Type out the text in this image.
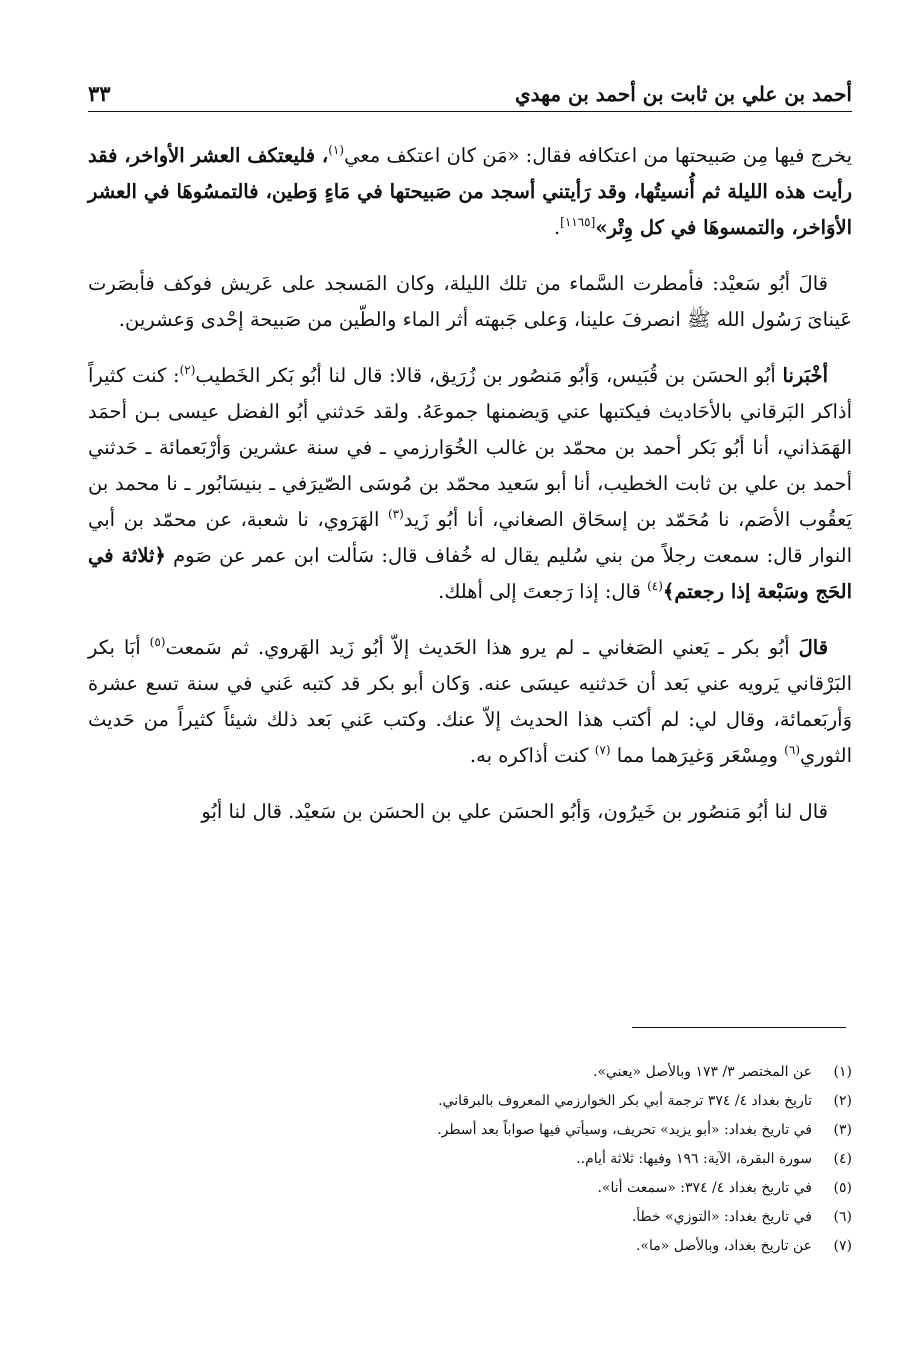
أحمد بن علي بن ثابت بن أحمد بن مهدي
٣٣

يخرج فيها مِن صَبيحتها من اعتكافه فقال: «مَن كان اعتكف معي$^{(١)}$، فليعتكف العشر الأواخر، فقد رأيت هذه الليلة ثم أُنسيتُها، وقد رَأيتني أسجد من صَبيحتها في مَاءٍ وَطين، فالتمسُوهَا في العشر الأوَاخر، والتمسوهَا في كل وِتْر»[١١٦٥].

قالَ أبُو سَعيْد: فأمطرت السَّماء من تلك الليلة، وكان المَسجد على عَريش فوكف فأبصَرت عَيناىَ رَسُول الله ﷺ انصرفَ علينا، وَعلى جَبهته أثر الماء والطّين من صَبيحة إحْدى وَعشرين.

أخْبَرنا أبُو الحسَن بن قُبَيس، وَأبُو مَنصُور بن زُرَيق، قالا: قال لنا أبُو بَكر الخَطيب$^{(٢)}$: كنت كثيراً أذاكر البَرقاني بالأحَاديث فيكتبها عني وَيضمنها جموعَهُ. ولقد حَدثني أبُو الفضل عيسى بـن أحمَد الهَمَذاني، أنا أبُو بَكر أحمد بن محمّد بن غالب الخُوَارزمي ـ في سنة عشرين وَأرْبَعمائة ـ حَدثني أحمد بن علي بن ثابت الخطيب، أنا أبو سَعيد محمّد بن مُوسَى الصّيرَفي ـ بنيسَابُور ـ نا محمد بن يَعقُوب الأصَم، نا مُحَمّد بن إسحَاق الصغاني، أنا أبُو زَيد$^{(٣)}$ الهَرَوي، نا شعبة، عن محمّد بن أبي النوار قال: سمعت رجلاً من بني سُليم يقال له خُفاف قال: سَألت ابن عمر عن صَوم ﴿ثلاثة في الحَج وسَبْعة إذا رجعتم﴾$^{(٤)}$ قال: إذا رَجعتَ إلى أهلك.

قالَ أبُو بكر ـ يَعني الصَغاني ـ لم يرو هذا الحَديث إلاّ أبُو زَيد الهَروي. ثم سَمعت$^{(٥)}$ أبَا بكر البَرْقاني يَرويه عني بَعد أن حَدثنيه عيسَى عنه. وَكان أبو بكر قد كتبه عَني في سنة تسع عشرة وَأربَعمائة، وقال لي: لم أكتب هذا الحديث إلاّ عنك. وكتب عَني بَعد ذلك شيئاً كثيراً من حَديث الثوري$^{(٦)}$ ومِسْعَر وَغيرَهما مما $^{(٧)}$ كنت أذاكره به.

قال لنا أبُو مَنصُور بن خَيرُون، وَأبُو الحسَن علي بن الحسَن بن سَعيْد. قال لنا أبُو

(١)
عن المختصر ٣/ ١٧٣ وبالأصل «يعني».
(٢)
تاريخ بغداد ٤/ ٣٧٤ ترجمة أبي بكر الخوارزمي المعروف بالبرقاني.
(٣)
في تاريخ بغداد: «أبو يزيد» تحريف، وسيأتي فيها صواباً بعد أسطر.
(٤)
سورة البقرة، الآية: ١٩٦ وفيها: ثلاثة أيام..
(٥)
في تاريخ بغداد ٤/ ٣٧٤: «سمعت أنا».
(٦)
في تاريخ بغداد: «التوزي» خطأ.
(٧)
عن تاريخ بغداد، وبالأصل «ما».
